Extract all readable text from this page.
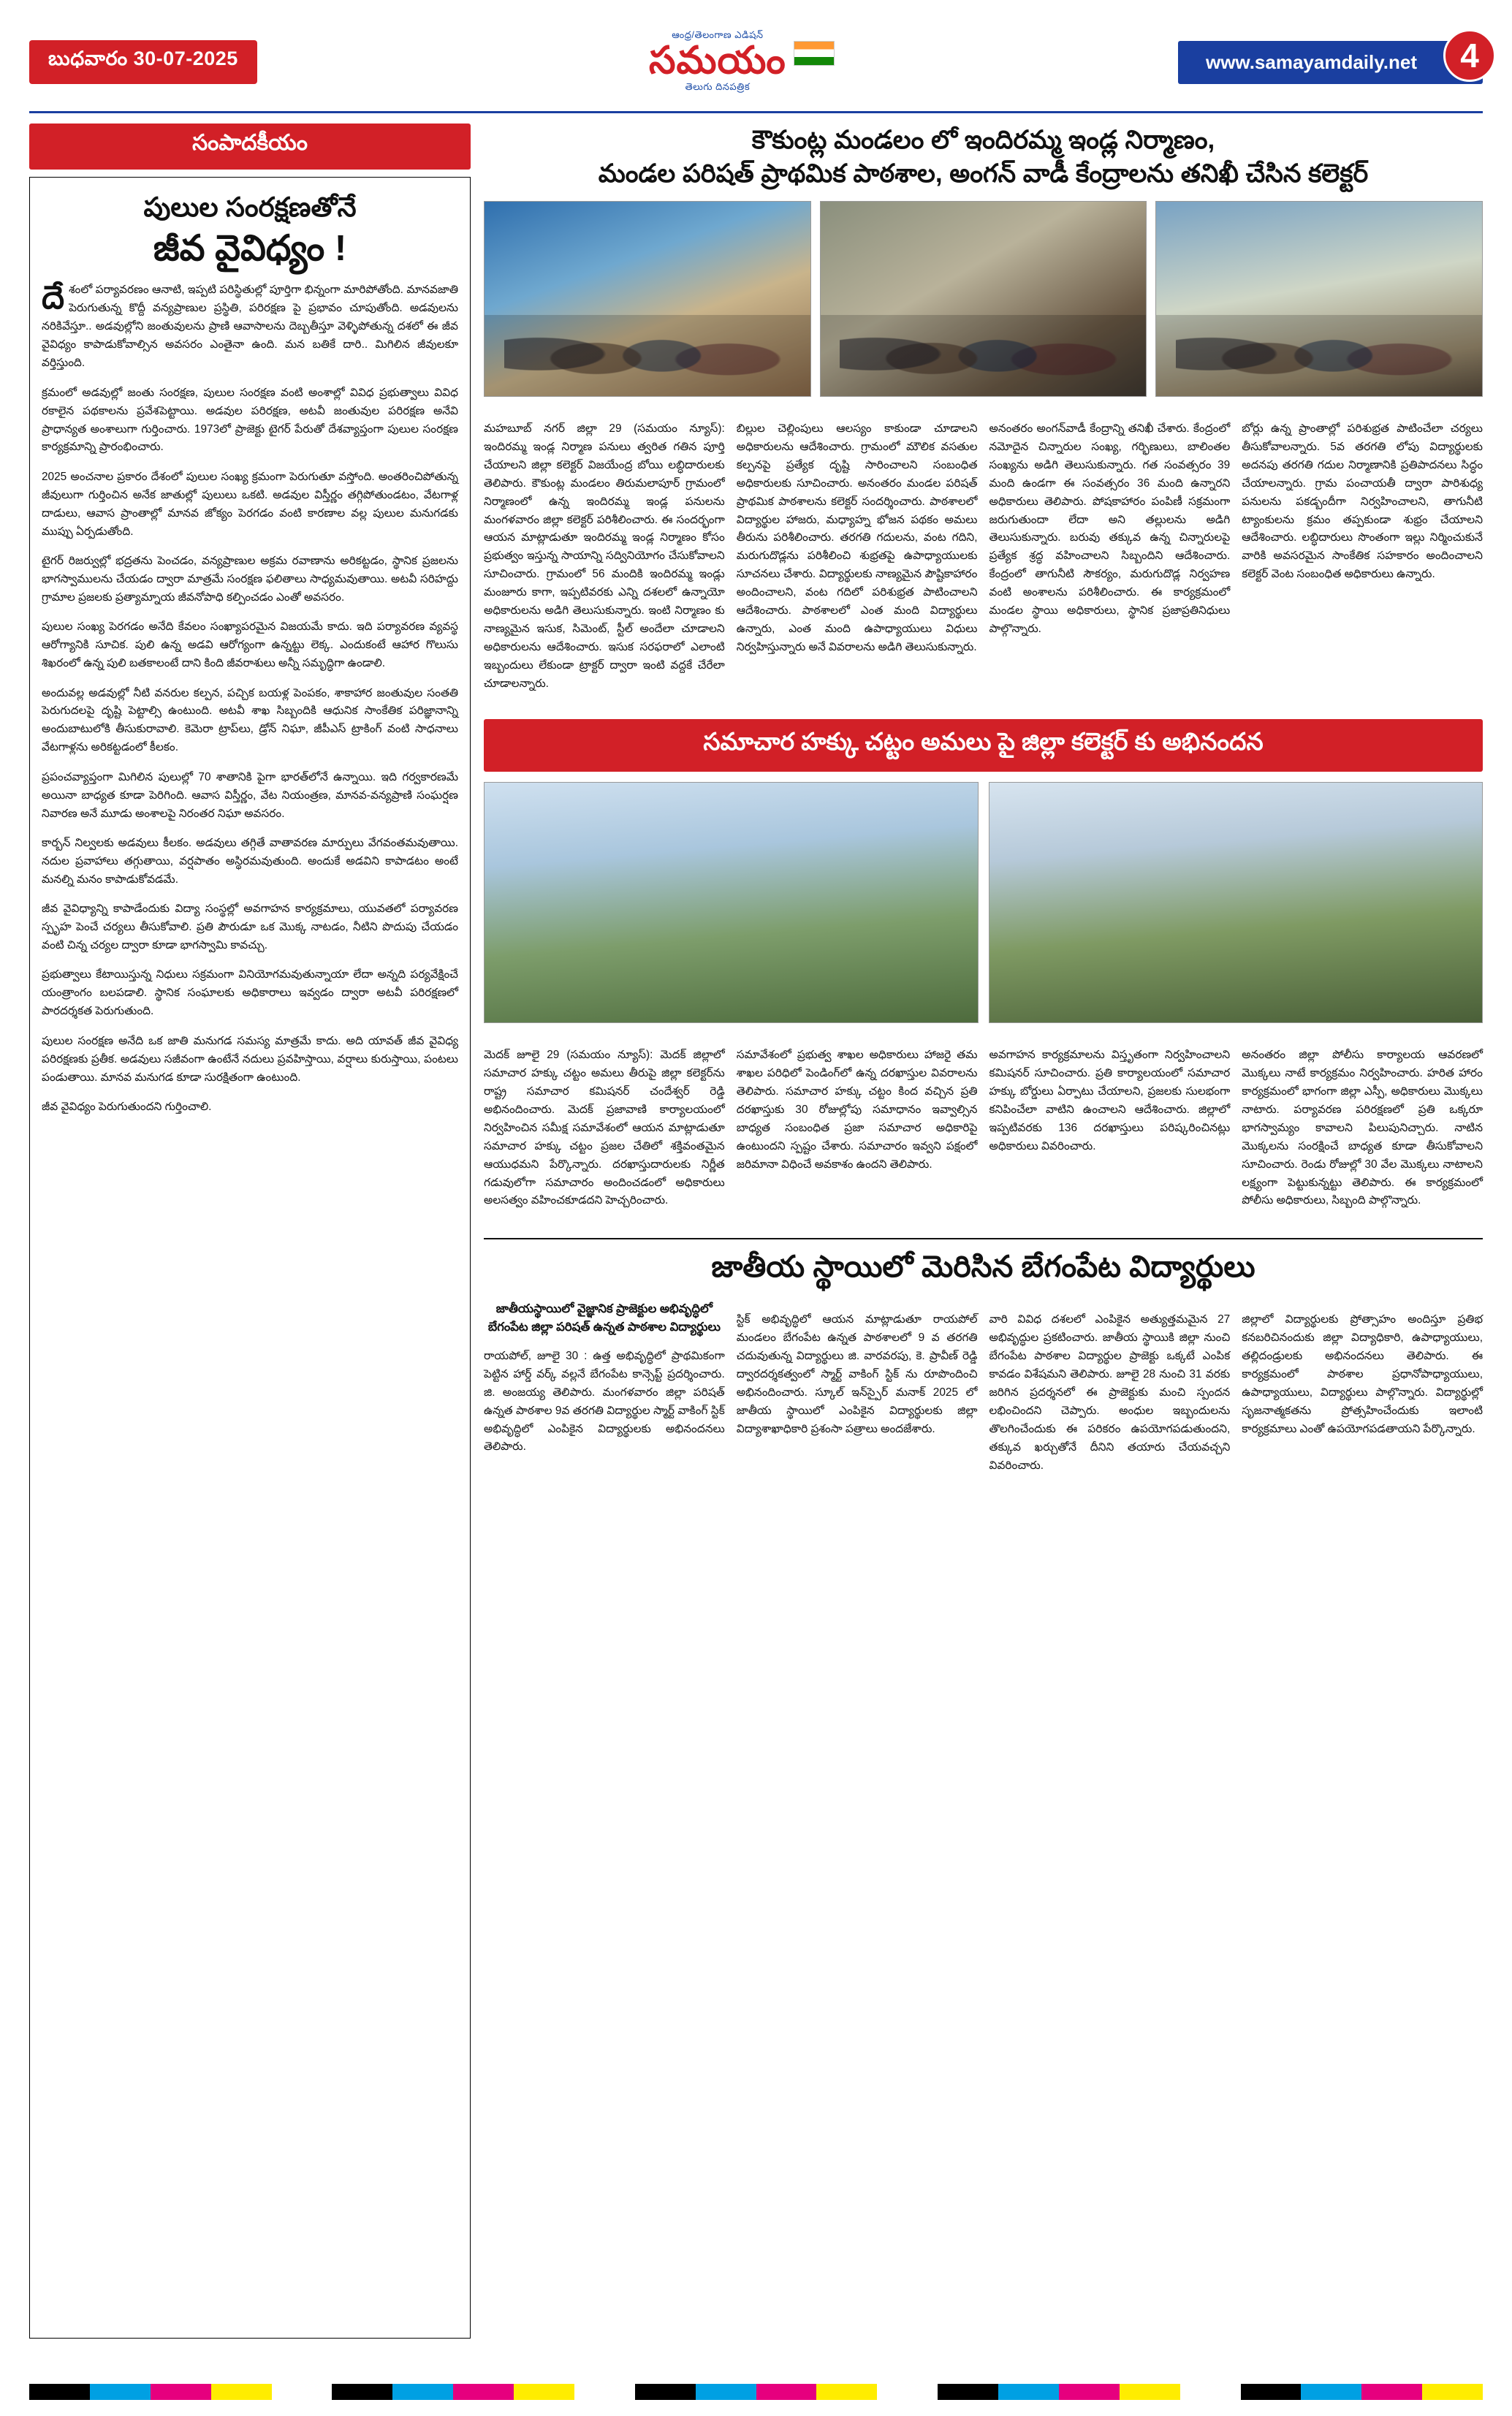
బుధవారం 30-07-2025
ఆంధ్ర/తెలంగాణ ఎడిషన్
సమయం
తెలుగు దినపత్రిక
www.samayamdaily.net	4
సంపాదకీయం
పులుల సంరక్షణతోనే
జీవ వైవిధ్యం !

దేశంలో పర్యావరణం ఆనాటి, ఇప్పటి పరిస్థితుల్లో పూర్తిగా భిన్నంగా మారిపోతోంది. మానవజాతి పెరుగుతున్న కొద్దీ వన్యప్రాణుల ప్రస్థితి, పరిరక్షణ పై ప్రభావం చూపుతోంది. అడవులను నరికివేస్తూ.. అడవుల్లోని జంతువులను ప్రాణి ఆవాసాలను దెబ్బతీస్తూ వెళ్ళిపోతున్న దశలో ఈ జీవ వైవిధ్యం కాపాడుకోవాల్సిన అవసరం ఎంతైనా ఉంది. మన బతికే దారి.. మిగిలిన జీవులకూ వర్తిస్తుంది.

క్రమంలో అడవుల్లో జంతు సంరక్షణ, పులుల సంరక్షణ వంటి అంశాల్లో వివిధ ప్రభుత్వాలు వివిధ రకాలైన పథకాలను ప్రవేశపెట్టాయి. అడవుల పరిరక్షణ, అటవీ జంతువుల పరిరక్షణ అనేవి ప్రాధాన్యత అంశాలుగా గుర్తించారు. 1973లో ప్రాజెక్టు టైగర్ పేరుతో దేశవ్యాప్తంగా పులుల సంరక్షణ కార్యక్రమాన్ని ప్రారంభించారు.

2025 అంచనాల ప్రకారం దేశంలో పులుల సంఖ్య క్రమంగా పెరుగుతూ వస్తోంది. అంతరించిపోతున్న జీవులుగా గుర్తించిన అనేక జాతుల్లో పులులు ఒకటి. అడవుల విస్తీర్ణం తగ్గిపోతుండటం, వేటగాళ్ల దాడులు, ఆవాస ప్రాంతాల్లో మానవ జోక్యం పెరగడం వంటి కారణాల వల్ల పులుల మనుగడకు ముప్పు ఏర్పడుతోంది.

టైగర్ రిజర్వుల్లో భద్రతను పెంచడం, వన్యప్రాణుల అక్రమ రవాణాను అరికట్టడం, స్థానిక ప్రజలను భాగస్వాములను చేయడం ద్వారా మాత్రమే సంరక్షణ ఫలితాలు సాధ్యమవుతాయి. అటవీ సరిహద్దు గ్రామాల ప్రజలకు ప్రత్యామ్నాయ జీవనోపాధి కల్పించడం ఎంతో అవసరం.

పులుల సంఖ్య పెరగడం అనేది కేవలం సంఖ్యాపరమైన విజయమే కాదు. ఇది పర్యావరణ వ్యవస్థ ఆరోగ్యానికి సూచిక. పులి ఉన్న అడవి ఆరోగ్యంగా ఉన్నట్టు లెక్క. ఎందుకంటే ఆహార గొలుసు శిఖరంలో ఉన్న పులి బతకాలంటే దాని కింది జీవరాశులు అన్నీ సమృద్ధిగా ఉండాలి.

అందువల్ల అడవుల్లో నీటి వనరుల కల్పన, పచ్చిక బయళ్ల పెంపకం, శాకాహార జంతువుల సంతతి పెరుగుదలపై దృష్టి పెట్టాల్సి ఉంటుంది. అటవీ శాఖ సిబ్బందికి ఆధునిక సాంకేతిక పరిజ్ఞానాన్ని అందుబాటులోకి తీసుకురావాలి. కెమెరా ట్రాప్‌లు, డ్రోన్ నిఘా, జీపీఎస్ ట్రాకింగ్ వంటి సాధనాలు వేటగాళ్లను అరికట్టడంలో కీలకం.

ప్రపంచవ్యాప్తంగా మిగిలిన పులుల్లో 70 శాతానికి పైగా భారత్‌లోనే ఉన్నాయి. ఇది గర్వకారణమే అయినా బాధ్యత కూడా పెరిగింది. ఆవాస విస్తీర్ణం, వేట నియంత్రణ, మానవ-వన్యప్రాణి సంఘర్షణ నివారణ అనే మూడు అంశాలపై నిరంతర నిఘా అవసరం.

కార్బన్ నిల్వలకు అడవులు కీలకం. అడవులు తగ్గితే వాతావరణ మార్పులు వేగవంతమవుతాయి. నదుల ప్రవాహాలు తగ్గుతాయి, వర్షపాతం అస్థిరమవుతుంది. అందుకే అడవిని కాపాడటం అంటే మనల్ని మనం కాపాడుకోవడమే.

జీవ వైవిధ్యాన్ని కాపాడేందుకు విద్యా సంస్థల్లో అవగాహన కార్యక్రమాలు, యువతలో పర్యావరణ స్పృహ పెంచే చర్యలు తీసుకోవాలి. ప్రతి పౌరుడూ ఒక మొక్క నాటడం, నీటిని పొదుపు చేయడం వంటి చిన్న చర్యల ద్వారా కూడా భాగస్వామి కావచ్చు.

ప్రభుత్వాలు కేటాయిస్తున్న నిధులు సక్రమంగా వినియోగమవుతున్నాయా లేదా అన్నది పర్యవేక్షించే యంత్రాంగం బలపడాలి. స్థానిక సంఘాలకు అధికారాలు ఇవ్వడం ద్వారా అటవీ పరిరక్షణలో పారదర్శకత పెరుగుతుంది.

పులుల సంరక్షణ అనేది ఒక జాతి మనుగడ సమస్య మాత్రమే కాదు. అది యావత్ జీవ వైవిధ్య పరిరక్షణకు ప్రతీక. అడవులు సజీవంగా ఉంటేనే నదులు ప్రవహిస్తాయి, వర్షాలు కురుస్తాయి, పంటలు పండుతాయి. మానవ మనుగడ కూడా సురక్షితంగా ఉంటుంది.

జీవ వైవిధ్యం పెరుగుతుందని గుర్తించాలి.

కౌకుంట్ల మండలం లో ఇందిరమ్మ ఇండ్ల నిర్మాణం,
మండల పరిషత్ ప్రాథమిక పాఠశాల, అంగన్ వాడీ కేంద్రాలను తనిఖీ చేసిన కలెక్టర్

మహబూబ్ నగర్ జిల్లా 29 (సమయం న్యూస్): ఇందిరమ్మ ఇండ్ల నిర్మాణ పనులు త్వరిత గతిన పూర్తి చేయాలని జిల్లా కలెక్టర్ విజయేంద్ర బోయి లబ్ధిదారులకు తెలిపారు. కౌకుంట్ల మండలం తిరుమలాపూర్ గ్రామంలో నిర్మాణంలో ఉన్న ఇందిరమ్మ ఇండ్ల పనులను మంగళవారం జిల్లా కలెక్టర్ పరిశీలించారు. ఈ సందర్భంగా ఆయన మాట్లాడుతూ ఇందిరమ్మ ఇండ్ల నిర్మాణం కోసం ప్రభుత్వం ఇస్తున్న సాయాన్ని సద్వినియోగం చేసుకోవాలని సూచించారు. గ్రామంలో 56 మందికి ఇందిరమ్మ ఇండ్లు మంజూరు కాగా, ఇప్పటివరకు ఎన్ని దశలలో ఉన్నాయో అధికారులను అడిగి తెలుసుకున్నారు. ఇంటి నిర్మాణం కు నాణ్యమైన ఇసుక, సిమెంట్, స్టీల్ అందేలా చూడాలని అధికారులను ఆదేశించారు. ఇసుక సరఫరాలో ఎలాంటి ఇబ్బందులు లేకుండా ట్రాక్టర్ ద్వారా ఇంటి వద్దకే చేరేలా చూడాలన్నారు.

బిల్లుల చెల్లింపులు ఆలస్యం కాకుండా చూడాలని అధికారులను ఆదేశించారు. గ్రామంలో మౌలిక వసతుల కల్పనపై ప్రత్యేక దృష్టి సారించాలని సంబంధిత అధికారులకు సూచించారు. అనంతరం మండల పరిషత్ ప్రాథమిక పాఠశాలను కలెక్టర్ సందర్శించారు. పాఠశాలలో విద్యార్థుల హాజరు, మధ్యాహ్న భోజన పథకం అమలు తీరును పరిశీలించారు. తరగతి గదులను, వంట గదిని, మరుగుదొడ్లను పరిశీలించి శుభ్రతపై ఉపాధ్యాయులకు సూచనలు చేశారు. విద్యార్థులకు నాణ్యమైన పౌష్టికాహారం అందించాలని, వంట గదిలో పరిశుభ్రత పాటించాలని ఆదేశించారు. పాఠశాలలో ఎంత మంది విద్యార్థులు ఉన్నారు, ఎంత మంది ఉపాధ్యాయులు విధులు నిర్వహిస్తున్నారు అనే వివరాలను అడిగి తెలుసుకున్నారు.

అనంతరం అంగన్‌వాడీ కేంద్రాన్ని తనిఖీ చేశారు. కేంద్రంలో నమోదైన చిన్నారుల సంఖ్య, గర్భిణులు, బాలింతల సంఖ్యను అడిగి తెలుసుకున్నారు. గత సంవత్సరం 39 మంది ఉండగా ఈ సంవత్సరం 36 మంది ఉన్నారని అధికారులు తెలిపారు. పోషకాహారం పంపిణీ సక్రమంగా జరుగుతుందా లేదా అని తల్లులను అడిగి తెలుసుకున్నారు. బరువు తక్కువ ఉన్న చిన్నారులపై ప్రత్యేక శ్రద్ధ వహించాలని సిబ్బందిని ఆదేశించారు. కేంద్రంలో తాగునీటి సౌకర్యం, మరుగుదొడ్ల నిర్వహణ వంటి అంశాలను పరిశీలించారు. ఈ కార్యక్రమంలో మండల స్థాయి అధికారులు, స్థానిక ప్రజాప్రతినిధులు పాల్గొన్నారు.

బోర్లు ఉన్న ప్రాంతాల్లో పరిశుభ్రత పాటించేలా చర్యలు తీసుకోవాలన్నారు. 5వ తరగతి లోపు విద్యార్థులకు అదనపు తరగతి గదుల నిర్మాణానికి ప్రతిపాదనలు సిద్ధం చేయాలన్నారు. గ్రామ పంచాయతీ ద్వారా పారిశుధ్య పనులను పకడ్బందీగా నిర్వహించాలని, తాగునీటి ట్యాంకులను క్రమం తప్పకుండా శుభ్రం చేయాలని ఆదేశించారు. లబ్ధిదారులు సొంతంగా ఇల్లు నిర్మించుకునే వారికి అవసరమైన సాంకేతిక సహకారం అందించాలని కలెక్టర్ వెంట సంబంధిత అధికారులు ఉన్నారు.

సమాచార హక్కు చట్టం అమలు పై జిల్లా కలెక్టర్ కు అభినందన

మెదక్ జూలై 29 (సమయం న్యూస్): మెదక్ జిల్లాలో సమాచార హక్కు చట్టం అమలు తీరుపై జిల్లా కలెక్టర్‌ను రాష్ట్ర సమాచార కమిషనర్ చందేశ్వర్ రెడ్డి అభినందించారు. మెదక్ ప్రజావాణి కార్యాలయంలో నిర్వహించిన సమీక్ష సమావేశంలో ఆయన మాట్లాడుతూ సమాచార హక్కు చట్టం ప్రజల చేతిలో శక్తివంతమైన ఆయుధమని పేర్కొన్నారు. దరఖాస్తుదారులకు నిర్ణీత గడువులోగా సమాచారం అందించడంలో అధికారులు అలసత్వం వహించకూడదని హెచ్చరించారు.

సమావేశంలో ప్రభుత్వ శాఖల అధికారులు హాజరై తమ శాఖల పరిధిలో పెండింగ్‌లో ఉన్న దరఖాస్తుల వివరాలను తెలిపారు. సమాచార హక్కు చట్టం కింద వచ్చిన ప్రతి దరఖాస్తుకు 30 రోజుల్లోపు సమాధానం ఇవ్వాల్సిన బాధ్యత సంబంధిత ప్రజా సమాచార అధికారిపై ఉంటుందని స్పష్టం చేశారు. సమాచారం ఇవ్వని పక్షంలో జరిమానా విధించే అవకాశం ఉందని తెలిపారు.

అవగాహన కార్యక్రమాలను విస్తృతంగా నిర్వహించాలని కమిషనర్ సూచించారు. ప్రతి కార్యాలయంలో సమాచార హక్కు బోర్డులు ఏర్పాటు చేయాలని, ప్రజలకు సులభంగా కనిపించేలా వాటిని ఉంచాలని ఆదేశించారు. జిల్లాలో ఇప్పటివరకు 136 దరఖాస్తులు పరిష్కరించినట్లు అధికారులు వివరించారు.

అనంతరం జిల్లా పోలీసు కార్యాలయ ఆవరణలో మొక్కలు నాటే కార్యక్రమం నిర్వహించారు. హరిత హారం కార్యక్రమంలో భాగంగా జిల్లా ఎస్పీ, అధికారులు మొక్కలు నాటారు. పర్యావరణ పరిరక్షణలో ప్రతి ఒక్కరూ భాగస్వామ్యం కావాలని పిలుపునిచ్చారు. నాటిన మొక్కలను సంరక్షించే బాధ్యత కూడా తీసుకోవాలని సూచించారు. రెండు రోజుల్లో 30 వేల మొక్కలు నాటాలని లక్ష్యంగా పెట్టుకున్నట్టు తెలిపారు. ఈ కార్యక్రమంలో పోలీసు అధికారులు, సిబ్బంది పాల్గొన్నారు.

జాతీయ స్థాయిలో మెరిసిన బేగంపేట విద్యార్థులు
జాతీయస్థాయిలో వైజ్ఞానిక ప్రాజెక్టుల అభివృద్ధిలో బేగంపేట జిల్లా పరిషత్ ఉన్నత పాఠశాల విద్యార్థులు

రాయపోల్, జూలై 30 : ఉత్త అభివృద్ధిలో ప్రాథమికంగా పెట్టిన హార్డ్ వర్క్ వల్లనే బేగంపేట కాన్సెప్ట్ ప్రదర్శించారు. జి. అంజయ్య తెలిపారు. మంగళవారం జిల్లా పరిషత్ ఉన్నత పాఠశాల 9వ తరగతి విద్యార్థుల స్మార్ట్ వాకింగ్ స్టిక్ అభివృద్ధిలో ఎంపికైన విద్యార్థులకు అభినందనలు తెలిపారు.

స్టిక్ అభివృద్ధిలో ఆయన మాట్లాడుతూ రాయపోల్ మండలం బేగంపేట ఉన్నత పాఠశాలలో 9 వ తరగతి చదువుతున్న విద్యార్థులు జి. వారవరపు, కె. ప్రావీణ్ రెడ్డి ద్వారదర్శకత్వంలో స్మార్ట్ వాకింగ్ స్టిక్ ను రూపొందించి అభినందించారు. స్కూల్ ఇన్‌స్పైర్ మనాక్ 2025 లో జాతీయ స్థాయిలో ఎంపికైన విద్యార్థులకు జిల్లా విద్యాశాఖాధికారి ప్రశంసా పత్రాలు అందజేశారు.

వారి వివిధ దశలలో ఎంపికైన అత్యుత్తమమైన 27 అభివృద్ధుల ప్రకటించారు. జాతీయ స్థాయికి జిల్లా నుంచి బేగంపేట పాఠశాల విద్యార్థుల ప్రాజెక్టు ఒక్కటే ఎంపిక కావడం విశేషమని తెలిపారు. జూలై 28 నుంచి 31 వరకు జరిగిన ప్రదర్శనలో ఈ ప్రాజెక్టుకు మంచి స్పందన లభించిందని చెప్పారు. అంధుల ఇబ్బందులను తొలగించేందుకు ఈ పరికరం ఉపయోగపడుతుందని, తక్కువ ఖర్చుతోనే దీనిని తయారు చేయవచ్చని వివరించారు.

జిల్లాలో విద్యార్థులకు ప్రోత్సాహం అందిస్తూ ప్రతిభ కనబరిచినందుకు జిల్లా విద్యాధికారి, ఉపాధ్యాయులు, తల్లిదండ్రులకు అభినందనలు తెలిపారు. ఈ కార్యక్రమంలో పాఠశాల ప్రధానోపాధ్యాయులు, ఉపాధ్యాయులు, విద్యార్థులు పాల్గొన్నారు. విద్యార్థుల్లో సృజనాత్మకతను ప్రోత్సహించేందుకు ఇలాంటి కార్యక్రమాలు ఎంతో ఉపయోగపడతాయని పేర్కొన్నారు.
